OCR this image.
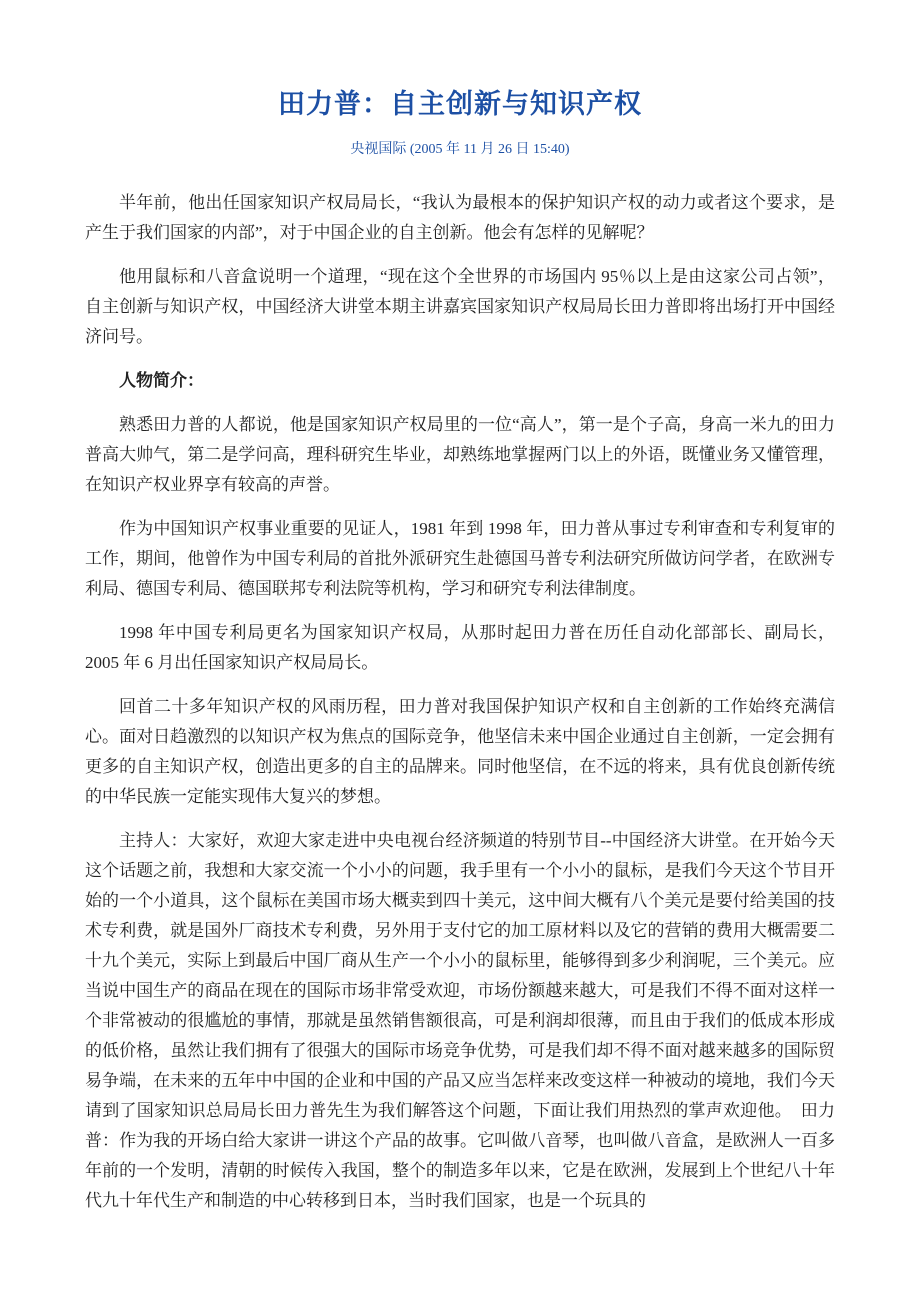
田力普：自主创新与知识产权
央视国际 (2005 年 11 月 26 日 15:40)

半年前，他出任国家知识产权局局长，“我认为最根本的保护知识产权的动力或者这个要求，是产生于我们国家的内部”，对于中国企业的自主创新。他会有怎样的见解呢？

他用鼠标和八音盒说明一个道理，“现在这个全世界的市场国内 95％以上是由这家公司占领”，自主创新与知识产权，中国经济大讲堂本期主讲嘉宾国家知识产权局局长田力普即将出场打开中国经济问号。

人物简介：

熟悉田力普的人都说，他是国家知识产权局里的一位“高人”，第一是个子高，身高一米九的田力普高大帅气，第二是学问高，理科研究生毕业，却熟练地掌握两门以上的外语，既懂业务又懂管理，在知识产权业界享有较高的声誉。

作为中国知识产权事业重要的见证人，1981 年到 1998 年，田力普从事过专利审查和专利复审的工作，期间，他曾作为中国专利局的首批外派研究生赴德国马普专利法研究所做访问学者，在欧洲专利局、德国专利局、德国联邦专利法院等机构，学习和研究专利法律制度。

1998 年中国专利局更名为国家知识产权局，从那时起田力普在历任自动化部部长、副局长，2005 年 6 月出任国家知识产权局局长。

回首二十多年知识产权的风雨历程，田力普对我国保护知识产权和自主创新的工作始终充满信心。面对日趋激烈的以知识产权为焦点的国际竞争，他坚信未来中国企业通过自主创新，一定会拥有更多的自主知识产权，创造出更多的自主的品牌来。同时他坚信，在不远的将来，具有优良创新传统的中华民族一定能实现伟大复兴的梦想。

主持人：大家好，欢迎大家走进中央电视台经济频道的特别节目--中国经济大讲堂。在开始今天这个话题之前，我想和大家交流一个小小的问题，我手里有一个小小的鼠标，是我们今天这个节目开始的一个小道具，这个鼠标在美国市场大概卖到四十美元，这中间大概有八个美元是要付给美国的技术专利费，就是国外厂商技术专利费，另外用于支付它的加工原材料以及它的营销的费用大概需要二十九个美元，实际上到最后中国厂商从生产一个小小的鼠标里，能够得到多少利润呢，三个美元。应当说中国生产的商品在现在的国际市场非常受欢迎，市场份额越来越大，可是我们不得不面对这样一个非常被动的很尴尬的事情，那就是虽然销售额很高，可是利润却很薄，而且由于我们的低成本形成的低价格，虽然让我们拥有了很强大的国际市场竞争优势，可是我们却不得不面对越来越多的国际贸易争端，在未来的五年中中国的企业和中国的产品又应当怎样来改变这样一种被动的境地，我们今天请到了国家知识总局局长田力普先生为我们解答这个问题，下面让我们用热烈的掌声欢迎他。　田力普：作为我的开场白给大家讲一讲这个产品的故事。它叫做八音琴，也叫做八音盒，是欧洲人一百多年前的一个发明，清朝的时候传入我国，整个的制造多年以来，它是在欧洲，发展到上个世纪八十年代九十年代生产和制造的中心转移到日本，当时我们国家，也是一个玩具的
